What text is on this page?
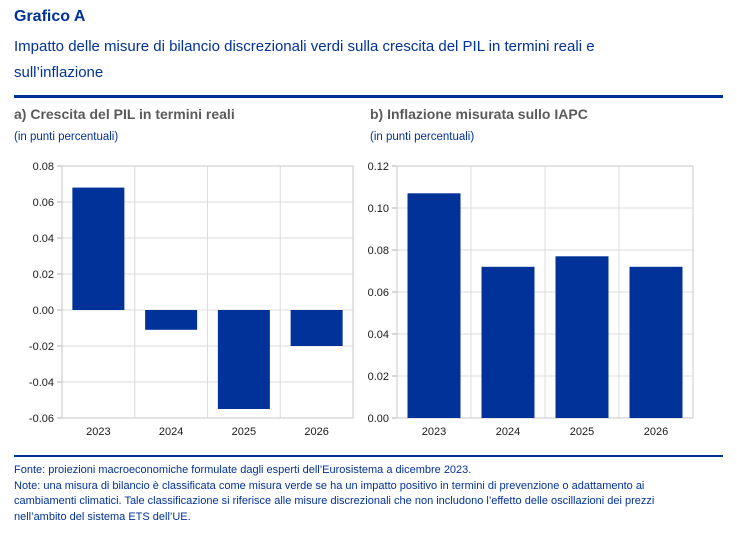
Grafico A
Impatto delle misure di bilancio discrezionali verdi sulla crescita del PIL in termini reali e sull’inflazione
a) Crescita del PIL in termini reali	b) Inflazione misurata sullo IAPC
(in punti percentuali)	(in punti percentuali)
-0.06
-0.04
-0.02
0.00
0.02
0.04
0.06
0.08
2023	2024	2025	2026
0.00
0.02
0.04
0.06
0.08
0.10
0.12
2023	2024	2025	2026
Fonte: proiezioni macroeconomiche formulate dagli esperti dell’Eurosistema a dicembre 2023.
Note: una misura di bilancio è classificata come misura verde se ha un impatto positivo in termini di prevenzione o adattamento ai
cambiamenti climatici. Tale classificazione si riferisce alle misure discrezionali che non includono l’effetto delle oscillazioni dei prezzi
nell’ambito del sistema ETS dell’UE.
